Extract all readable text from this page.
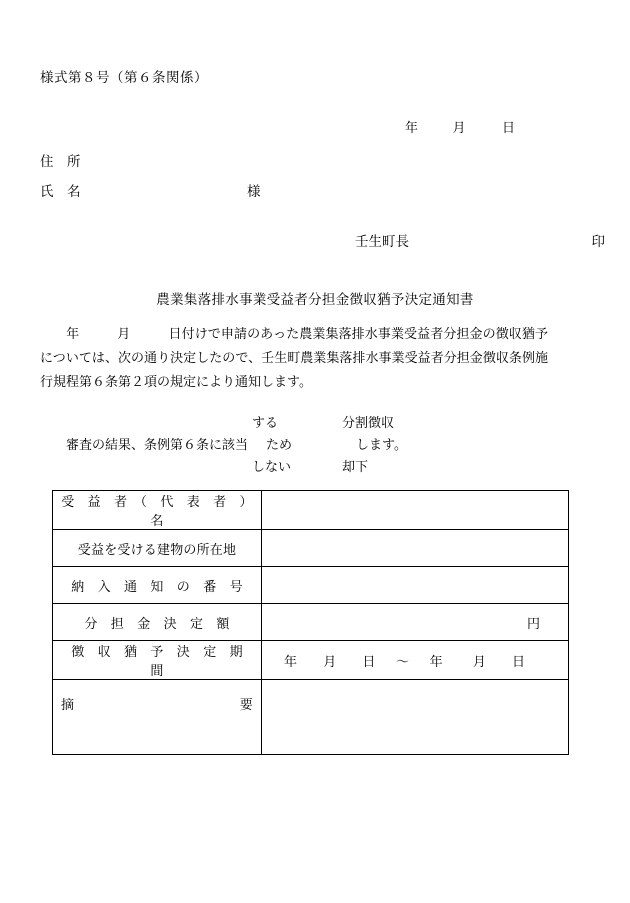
様式第８号（第６条関係）
年	月	日
住　所
氏　名	様
壬生町長	印
農業集落排水事業受益者分担金徴収猶予決定通知書
年	月	日付けで申請のあった農業集落排水事業受益者分担金の徴収猶予については、次の通り決定したので、壬生町農業集落排水事業受益者分担金徴収条例施行規程第６条第２項の規定により通知します。
する	分割徴収
審査の結果、条例第６条に該当 ため	します。
しない	却下
受　益　者　（　代　表　者　）名	
受益を受ける建物の所在地	
納　入　通　知　の　番　号	
分　担　金　決　定　額	円
徴　収　猶　予　決　定　期　間	年 月 日 〜 年 月 日

摘 要	
